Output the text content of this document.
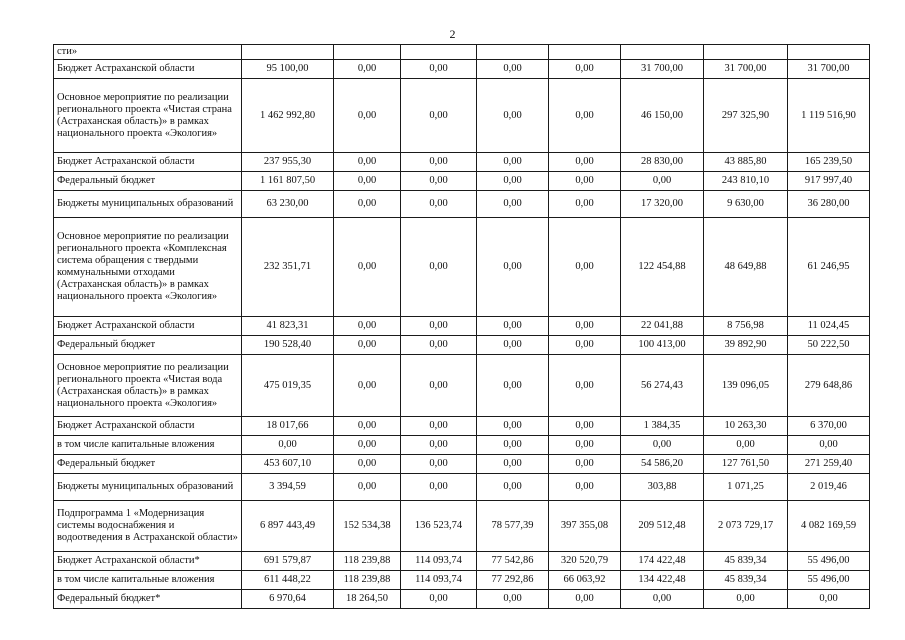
2
сти»								
Бюджет Астраханской области	95 100,00	0,00	0,00	0,00	0,00	31 700,00	31 700,00	31 700,00
Основное мероприятие по реализации регионального проекта «Чистая страна (Астраханская область)» в рамках национального проекта «Экология»	1 462 992,80	0,00	0,00	0,00	0,00	46 150,00	297 325,90	1 119 516,90
Бюджет Астраханской области	237 955,30	0,00	0,00	0,00	0,00	28 830,00	43 885,80	165 239,50
Федеральный бюджет	1 161 807,50	0,00	0,00	0,00	0,00	0,00	243 810,10	917 997,40
Бюджеты муниципальных образований	63 230,00	0,00	0,00	0,00	0,00	17 320,00	9 630,00	36 280,00
Основное мероприятие по реализации регионального проекта «Комплексная система обращения с твердыми коммунальными отходами (Астраханская область)» в рамках национального проекта «Экология»	232 351,71	0,00	0,00	0,00	0,00	122 454,88	48 649,88	61 246,95
Бюджет Астраханской области	41 823,31	0,00	0,00	0,00	0,00	22 041,88	8 756,98	11 024,45
Федеральный бюджет	190 528,40	0,00	0,00	0,00	0,00	100 413,00	39 892,90	50 222,50
Основное мероприятие по реализации регионального проекта «Чистая вода (Астраханская область)» в рамках национального проекта «Экология»	475 019,35	0,00	0,00	0,00	0,00	56 274,43	139 096,05	279 648,86
Бюджет Астраханской области	18 017,66	0,00	0,00	0,00	0,00	1 384,35	10 263,30	6 370,00
в том числе капитальные вложения	0,00	0,00	0,00	0,00	0,00	0,00	0,00	0,00
Федеральный бюджет	453 607,10	0,00	0,00	0,00	0,00	54 586,20	127 761,50	271 259,40
Бюджеты муниципальных образований	3 394,59	0,00	0,00	0,00	0,00	303,88	1 071,25	2 019,46
Подпрограмма 1 «Модернизация системы водоснабжения и водоотведения в Астраханской области»	6 897 443,49	152 534,38	136 523,74	78 577,39	397 355,08	209 512,48	2 073 729,17	4 082 169,59
Бюджет Астраханской области*	691 579,87	118 239,88	114 093,74	77 542,86	320 520,79	174 422,48	45 839,34	55 496,00
в том числе капитальные вложения	611 448,22	118 239,88	114 093,74	77 292,86	66 063,92	134 422,48	45 839,34	55 496,00
Федеральный бюджет*	6 970,64	18 264,50	0,00	0,00	0,00	0,00	0,00	0,00
